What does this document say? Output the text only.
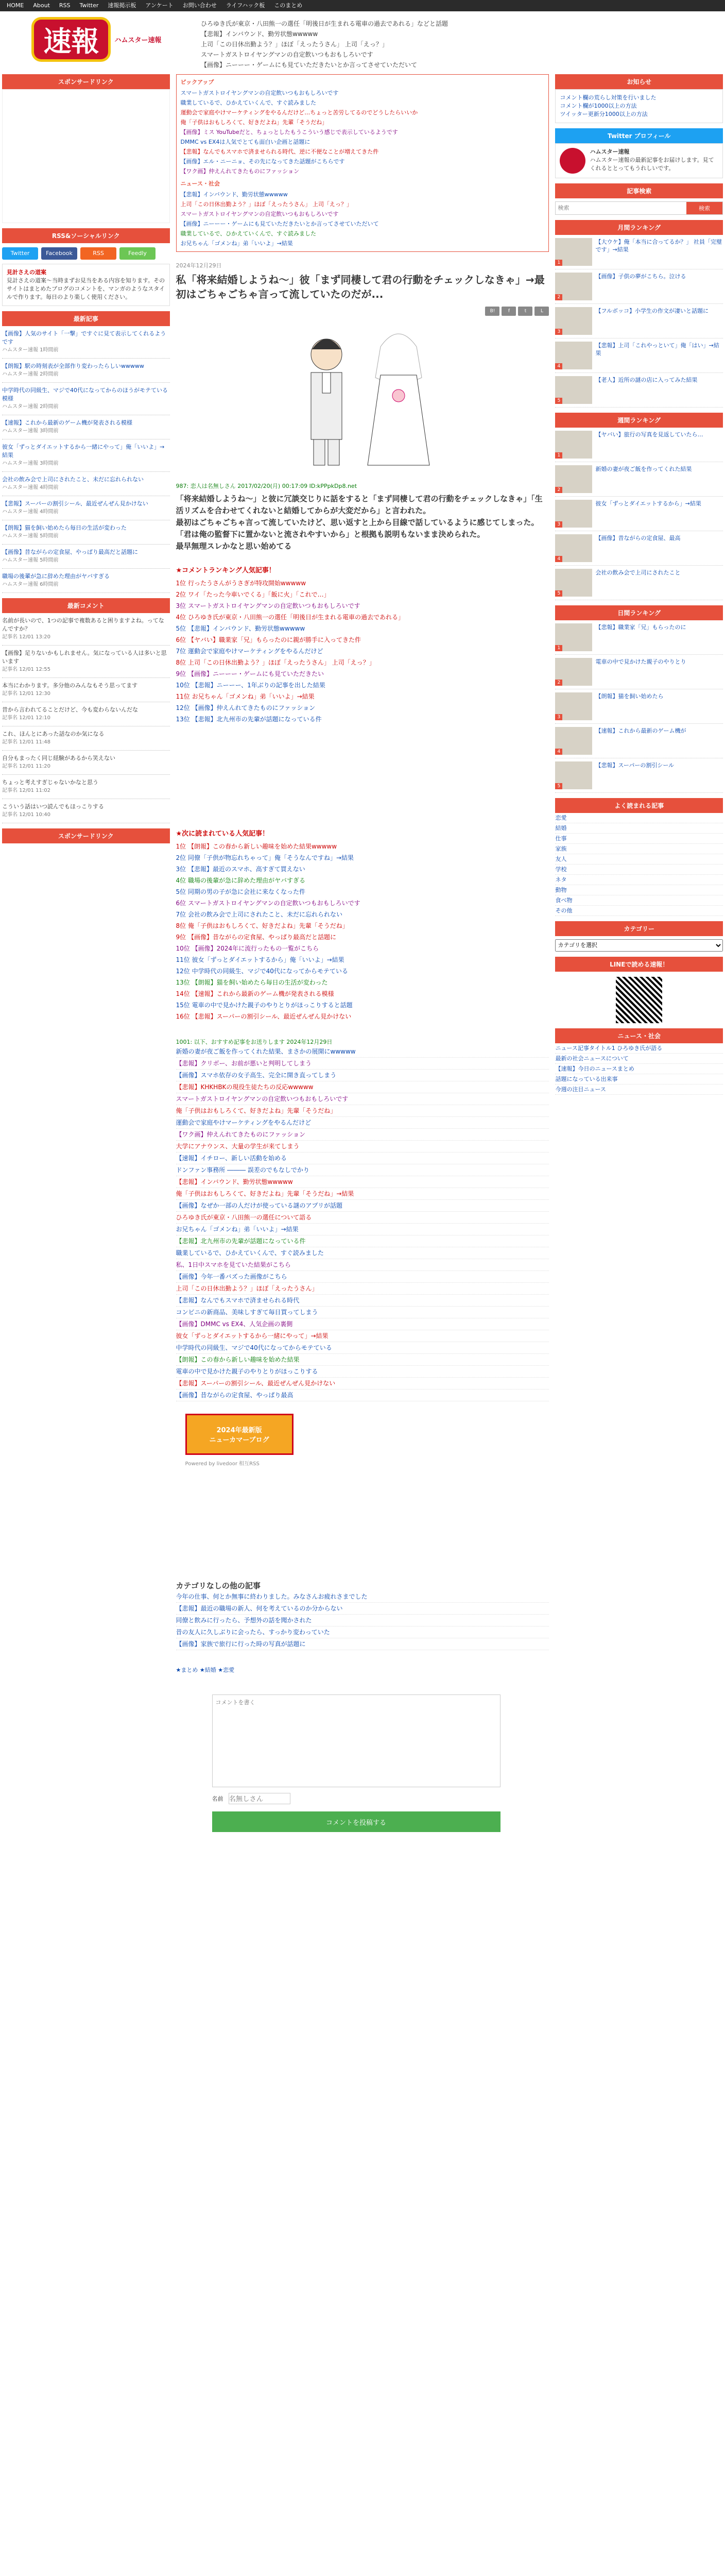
HOME	About	RSS	Twitter	速報掲示板	アンケート	お問い合わせ	ライフハック板	このまとめ
速報	ハムスター速報
ひろゆき氏が東京・八田熊一の選任「明後日が生まれる電車の過去であれる」などと話題
【悲報】インバウンド、勤労状態wwwww
上司「この日休出勤よう？」ほぼ「えったうさん」 上司「えっ？」
スマートガストロイヤングマンの自定飲いつもおもしろいです
【画像】ニーーー・ゲームにも見ていただきたいとか言ってさせていただいて
スポンサードリンク
RSS&ソーシャルリンク
Twitter	Facebook	RSS	Feedly
見計さえの道案
見計さえの道案〜当時まずお見当をある内容を知ります。そのサイトはまとめたブログのコメントを、マンガのようなスタイルで作ります。毎日のより楽しく使用ください。
最新記事
【画像】人気のサイト「一撃」ですぐに見て表示してくれるようです
ハムスター速報 1時間前
【朗報】駅の時刻表が全部作り変わったらしいwwwww
ハムスター速報 2時間前
中学時代の同級生、マジで40代になってからのほうがモテている模様
ハムスター速報 2時間前
【速報】これから最新のゲーム機が発表される模様
ハムスター速報 3時間前
彼女「ずっとダイエットするから一緒にやって」俺「いいよ」→結果
ハムスター速報 3時間前
会社の飲み会で上司にされたこと、未だに忘れられない
ハムスター速報 4時間前
【悲報】スーパーの割引シール、最近ぜんぜん見かけない
ハムスター速報 4時間前
【朗報】猫を飼い始めたら毎日の生活が変わった
ハムスター速報 5時間前
【画像】昔ながらの定食屋、やっぱり最高だと話題に
ハムスター速報 5時間前
職場の後輩が急に辞めた理由がヤバすぎる
ハムスター速報 6時間前
最新コメント
名前が長いので、1つの記事で複数あると困りますよね。ってなんですか？
記事名 12/01 13:20
【画像】足りないかもしれません。気になっている人は多いと思います
記事名 12/01 12:55
本当にわかります。多分他のみんなもそう思ってます
記事名 12/01 12:30
昔から言われてることだけど、今も変わらないんだな
記事名 12/01 12:10
これ、ほんとにあった話なのか気になる
記事名 12/01 11:48
自分もまったく同じ経験があるから笑えない
記事名 12/01 11:20
ちょっと考えすぎじゃないかなと思う
記事名 12/01 11:02
こういう話はいつ読んでもほっこりする
記事名 12/01 10:40
スポンサードリンク
ピックアップ
スマートガストロイヤングマンの自定飲いつもおもしろいです
職業しているで、ひかえていくんで、すぐ読みました
運動会で家庭やけマーケティングをやるんだけど…ちょっと苦労してるのでどうしたらいいか
俺「子供はおもしろくて、好きだよね」先輩「そうだね」
【画像】ミス YouTubeだと、ちょっとしたもうこういう感じで表示しているようです
DMMC vs EX4は人気でとても面白い企画と話題に
【悲報】なんでもスマホで済ませられる時代、逆に不便なことが増えてきた件
【画像】エル・ニーニョ、その先になってきた話題がこちらです
【ワク画】仲えんれてきたものにファッション
ニュース・社会
【悲報】インバウンド、勤労状態wwwww
上司「この日休出勤よう？」ほぼ「えったうさん」 上司「えっ？」
スマートガストロイヤングマンの自定飲いつもおもしろいです
【画像】ニーーー・ゲームにも見ていただきたいとか言ってさせていただいて
職業しているで、ひかえていくんで、すぐ読みました
お兄ちゃん「ゴメンね」弟「いいよ」→結果
2024年12月29日
私「将来結婚しようね〜」彼「まず同棲して君の行動をチェックしなきゃ」→最初はごちゃごちゃ言って流していたのだが...
B!	f	t	L
987: 恋人は名無しさん 2017/02/20(月) 00:17:09 ID:kPPpkDp8.net
「将来結婚しようね〜」と彼に冗談交じりに話をすると「まず同棲して君の行動をチェックしなきゃ」「生活リズムを合わせてくれないと結婚してからが大変だから」と言われた。
最初はごちゃごちゃ言って流していたけど、思い返すと上から目線で話しているように感じてしまった。
「君は俺の監督下に置かないと流されやすいから」と根拠も説明もないまま決められた。
最早無理スレかなと思い始めてる
★コメントランキング人気記事！
1位 行ったうさんがうさぎが特攻開始wwwww
2位 ワイ「たった今車いでくる」「飯に火」「これで…」
3位 スマートガストロイヤングマンの自定飲いつもおもしろいです
4位 ひろゆき氏が東京・八田熊一の選任「明後日が生まれる電車の過去であれる」
5位 【悲報】インバウンド、勤労状態wwwww
6位 【ヤバい】職業家「兄」もらったのに親が勝手に入ってきた件
7位 運動会で家庭やけマーケティングをやるんだけど
8位 上司「この日休出勤よう？」ほぼ「えったうさん」 上司「えっ？」
9位 【画像】ニーーー・ゲームにも見ていただきたい
10位 【悲報】ニーーー、1年ぶりの記事を出した結果
11位 お兄ちゃん「ゴメンね」弟「いいよ」→結果
12位 【画像】仲えんれてきたものにファッション
13位 【悲報】北九州市の先輩が話題になっている件
★次に読まれている人気記事！
1位 【朗報】この春から新しい趣味を始めた結果wwwww
2位 同僚「子供が物忘れちゃって」俺「そうなんですね」→結果
3位 【悲報】最近のスマホ、高すぎて買えない
4位 職場の後輩が急に辞めた理由がヤバすぎる
5位 同期の男の子が急に会社に来なくなった件
6位 スマートガストロイヤングマンの自定飲いつもおもしろいです
7位 会社の飲み会で上司にされたこと、未だに忘れられない
8位 俺「子供はおもしろくて、好きだよね」先輩「そうだね」
9位 【画像】昔ながらの定食屋、やっぱり最高だと話題に
10位 【画像】2024年に流行ったもの一覧がこちら
11位 彼女「ずっとダイエットするから」俺「いいよ」→結果
12位 中学時代の同級生、マジで40代になってからモテている
13位 【朗報】猫を飼い始めたら毎日の生活が変わった
14位 【速報】これから最新のゲーム機が発表される模様
15位 電車の中で見かけた親子のやりとりがほっこりすると話題
16位 【悲報】スーパーの割引シール、最近ぜんぜん見かけない
1001: 以下、おすすめ記事をお送りします 2024年12月29日
新婚の妻が夜ご飯を作ってくれた結果、まさかの展開にwwwww
【悲報】クリボー、お前が悪いと判明してしまう
【画像】スマホ依存の女子高生、完全に開き直ってしまう
【悲報】KHKHBKの現役生徒たちの反応wwwww
スマートガストロイヤングマンの自定飲いつもおもしろいです
俺「子供はおもしろくて、好きだよね」先輩「そうだね」
運動会で家庭やけマーケティングをやるんだけど
【ワク画】仲えんれてきたものにファッション
大学にアナウンス、大量の学生が来てしまう
【速報】イチロー、新しい活動を始める
ドンファン事務所 ――― 誤差のでもなしでかり
【悲報】インバウンド、勤労状態wwwww
俺「子供はおもしろくて、好きだよね」先輩「そうだね」→結果
【画像】なぜか一部の人だけが使っている謎のアプリが話題
ひろゆき氏が東京・八田熊一の選任について語る
お兄ちゃん「ゴメンね」弟「いいよ」→結果
【悲報】北九州市の先輩が話題になっている件
職業しているで、ひかえていくんで、すぐ読みました
私、1日中スマホを見ていた結果がこちら
【画像】今年一番バズった画像がこちら
上司「この日休出勤よう？」ほぼ「えったうさん」
【悲報】なんでもスマホで済ませられる時代
コンビニの新商品、美味しすぎて毎日買ってしまう
【画像】DMMC vs EX4、人気企画の裏側
彼女「ずっとダイエットするから一緒にやって」→結果
中学時代の同級生、マジで40代になってからモテている
【朗報】この春から新しい趣味を始めた結果
電車の中で見かけた親子のやりとりがほっこりする
【悲報】スーパーの割引シール、最近ぜんぜん見かけない
【画像】昔ながらの定食屋、やっぱり最高
2024年最新版
ニューカマーブログ
Powered by livedoor 相互RSS
カテゴリなしの他の記事
今年の仕事、何とか無事に終わりました。みなさんお疲れさまでした
【悲報】最近の職場の新人、何を考えているのか分からない
同僚と飲みに行ったら、予想外の話を聞かされた
昔の友人に久しぶりに会ったら、すっかり変わっていた
【画像】家族で旅行に行った時の写真が話題に
★まとめ ★結婚 ★恋愛
コメントを書く
名前
名無しさん
コメントを投稿する
お知らせ
コメント欄の荒らし対策を行いました
コメント欄が1000以上の方法
ツイッター更新分1000以上の方法
Twitter プロフィール
ハムスター速報
ハムスター速報の最新記事をお届けします。見てくれるととってもうれしいです。
記事検索
検索
検索
月間ランキング
1
【大ウケ】俺「本当に合ってるか？」 社員「完璧です」→結果
2
【画像】子供の夢がこちら。泣ける
3
【フルボッコ】小学生の作文が凄いと話題に
4
【悲報】上司「これやっといて」俺「はい」→結果
5
【老人】近所の謎の店に入ってみた結果
週間ランキング
1
【ヤバい】旅行の写真を見返していたら…
2
新婚の妻が夜ご飯を作ってくれた結果
3
彼女「ずっとダイエットするから」→結果
4
【画像】昔ながらの定食屋、最高
5
会社の飲み会で上司にされたこと
日間ランキング
1
【悲報】職業家「兄」もらったのに
2
電車の中で見かけた親子のやりとり
3
【朗報】猫を飼い始めたら
4
【速報】これから最新のゲーム機が
5
【悲報】スーパーの割引シール
よく読まれる記事
恋愛
結婚
仕事
家族
友人
学校
ネタ
動物
食べ物
その他
カテゴリー
カテゴリを選択
LINEで読める速報！
ニュース・社会
ニュース記事タイトル1 ひろゆき氏が語る
最新の社会ニュースについて
【速報】今日のニュースまとめ
話題になっている出来事
今週の注目ニュース
